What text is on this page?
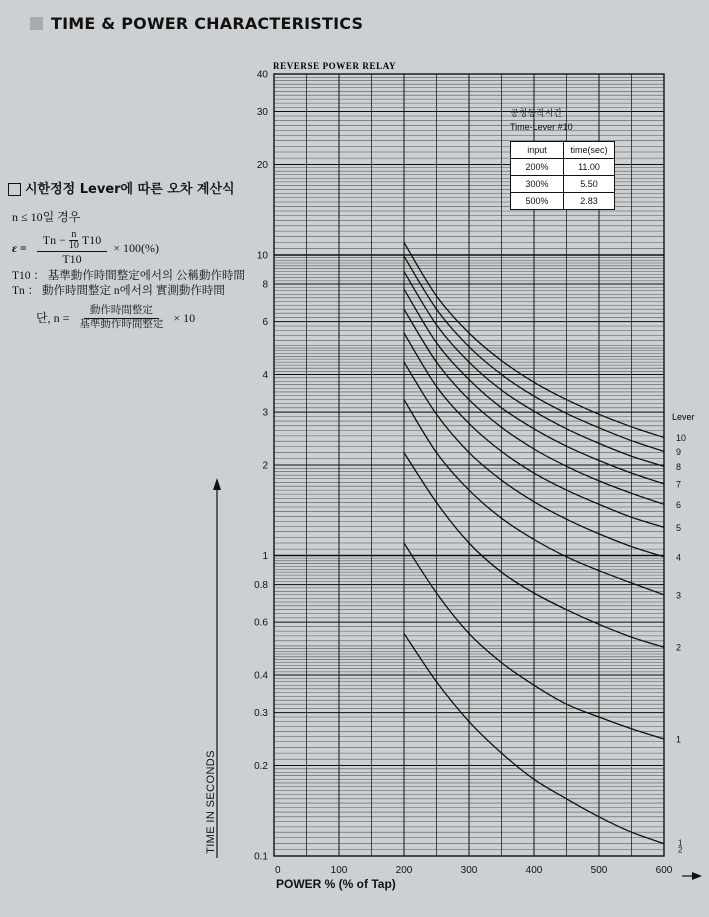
TIME & POWER CHARACTERISTICS
시한정정 Lever에 따른 오차 계산식
n ≤ 10일 경우
$\varepsilon = \frac{Tn - \frac{n}{10} T10}{T10} \times 100(\%)$
T10 ： 基準動作時間整定에서의 公稱動作時間
Tn ： 動作時間整定 n에서의 實測動作時間
단, $n = \frac{\text{動作時間整定}}{\text{基準動作時間整定}} \times 10$
TIME IN SECONDS
REVERSE POWER RELAY
40
30
20
10
8
6
4
3
2
1
0.8
0.6
0.4
0.3
0.2
0.1
0	100	200	300	400	500	600
Lever
1
2
1
2
3
4
5
6
7
8
9
10
공칭동작시간
Time-Lever #10
input	time(sec)
200%	11.00
300%	5.50
500%	2.83
POWER % (% of Tap)
